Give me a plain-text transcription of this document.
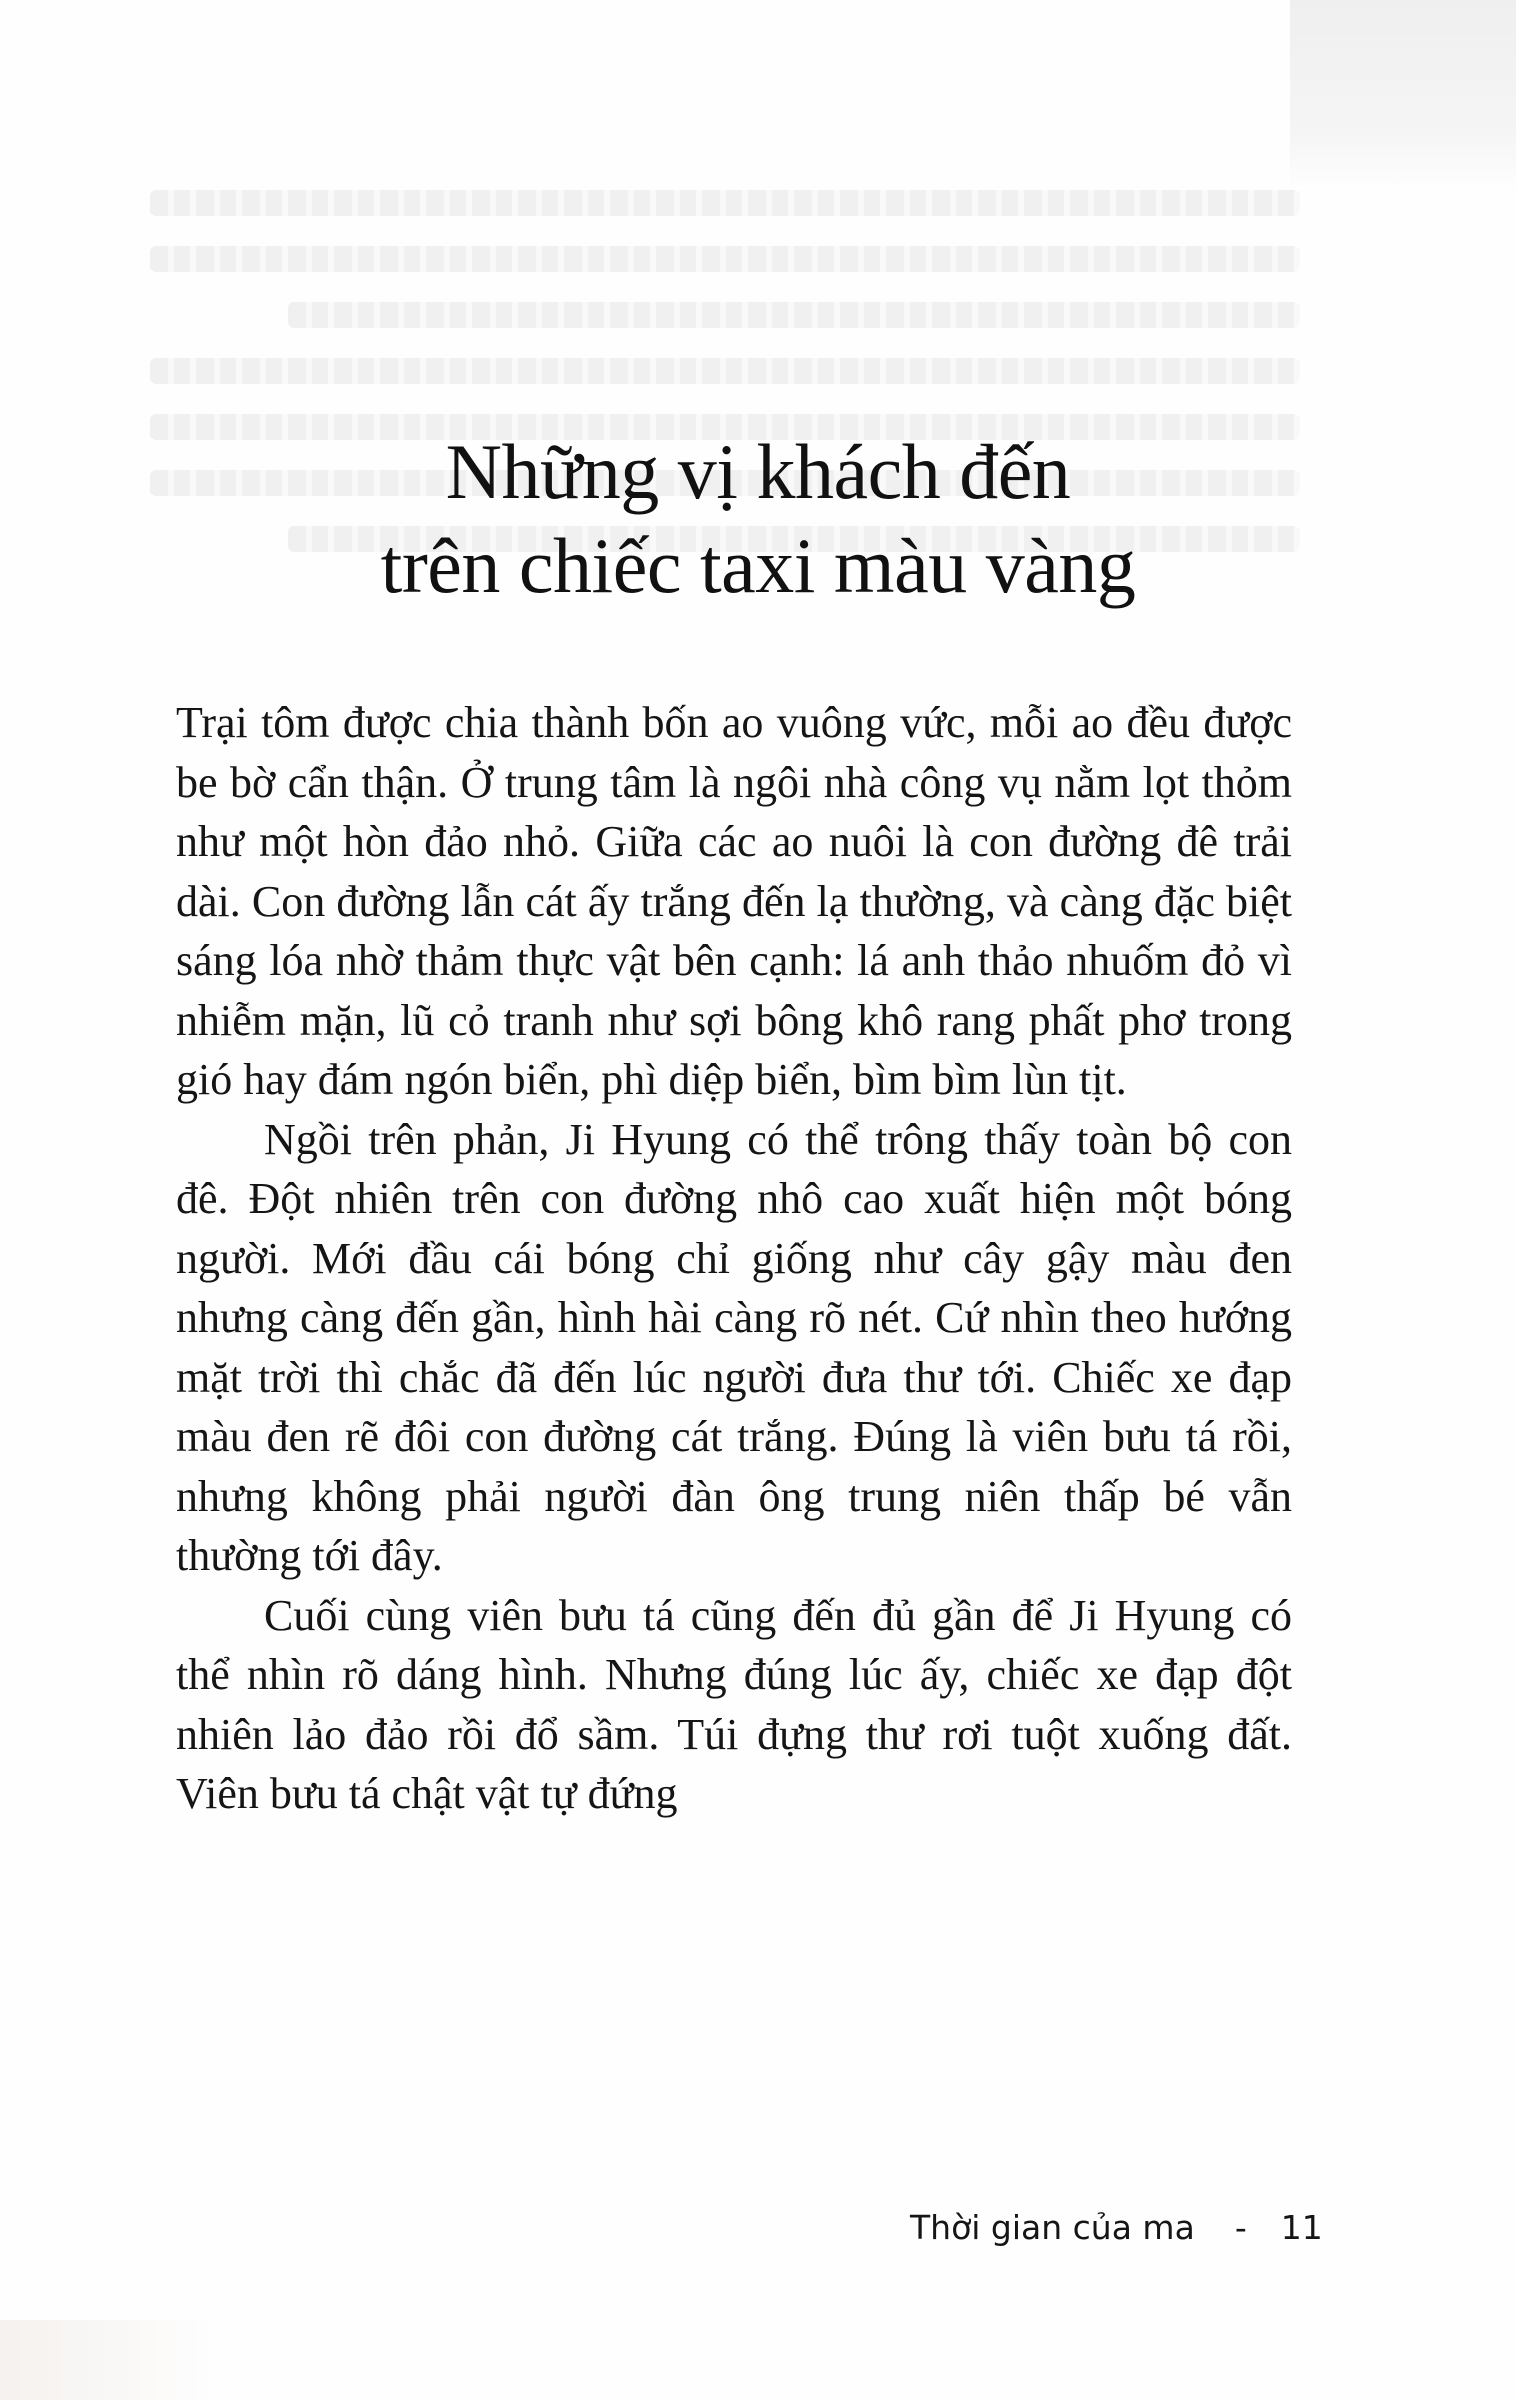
Những vị khách đến
trên chiếc taxi màu vàng

Trại tôm được chia thành bốn ao vuông vức, mỗi ao đều được be bờ cẩn thận. Ở trung tâm là ngôi nhà công vụ nằm lọt thỏm như một hòn đảo nhỏ. Giữa các ao nuôi là con đường đê trải dài. Con đường lẫn cát ấy trắng đến lạ thường, và càng đặc biệt sáng lóa nhờ thảm thực vật bên cạnh: lá anh thảo nhuốm đỏ vì nhiễm mặn, lũ cỏ tranh như sợi bông khô rang phất phơ trong gió hay đám ngón biển, phì diệp biển, bìm bìm lùn tịt.

Ngồi trên phản, Ji Hyung có thể trông thấy toàn bộ con đê. Đột nhiên trên con đường nhô cao xuất hiện một bóng người. Mới đầu cái bóng chỉ giống như cây gậy màu đen nhưng càng đến gần, hình hài càng rõ nét. Cứ nhìn theo hướng mặt trời thì chắc đã đến lúc người đưa thư tới. Chiếc xe đạp màu đen rẽ đôi con đường cát trắng. Đúng là viên bưu tá rồi, nhưng không phải người đàn ông trung niên thấp bé vẫn thường tới đây.

Cuối cùng viên bưu tá cũng đến đủ gần để Ji Hyung có thể nhìn rõ dáng hình. Nhưng đúng lúc ấy, chiếc xe đạp đột nhiên lảo đảo rồi đổ sầm. Túi đựng thư rơi tuột xuống đất. Viên bưu tá chật vật tự đứng

Thời gian của ma - 11
